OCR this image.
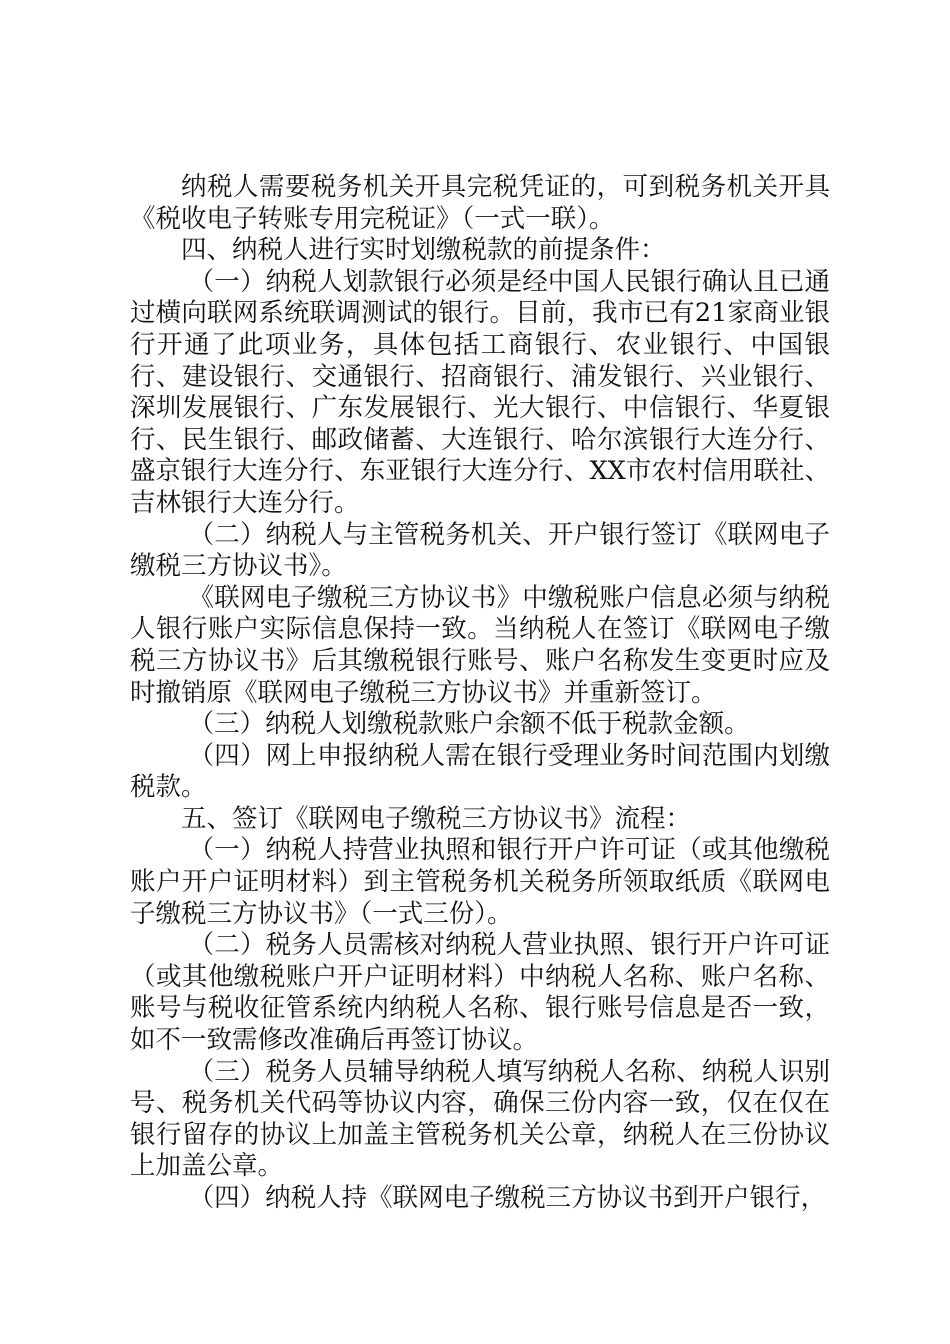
纳税人需要税务机关开具完税凭证的，可到税务机关开具《税收电子转账专用完税证》（一式一联）。

四、纳税人进行实时划缴税款的前提条件：

（一）纳税人划款银行必须是经中国人民银行确认且已通过横向联网系统联调测试的银行。目前，我市已有21家商业银行开通了此项业务，具体包括工商银行、农业银行、中国银行、建设银行、交通银行、招商银行、浦发银行、兴业银行、深圳发展银行、广东发展银行、光大银行、中信银行、华夏银行、民生银行、邮政储蓄、大连银行、哈尔滨银行大连分行、盛京银行大连分行、东亚银行大连分行、XX市农村信用联社、吉林银行大连分行。

（二）纳税人与主管税务机关、开户银行签订《联网电子缴税三方协议书》。

《联网电子缴税三方协议书》中缴税账户信息必须与纳税人银行账户实际信息保持一致。当纳税人在签订《联网电子缴税三方协议书》后其缴税银行账号、账户名称发生变更时应及时撤销原《联网电子缴税三方协议书》并重新签订。

（三）纳税人划缴税款账户余额不低于税款金额。

（四）网上申报纳税人需在银行受理业务时间范围内划缴税款。

五、签订《联网电子缴税三方协议书》流程：

（一）纳税人持营业执照和银行开户许可证（或其他缴税账户开户证明材料）到主管税务机关税务所领取纸质《联网电子缴税三方协议书》（一式三份）。

（二）税务人员需核对纳税人营业执照、银行开户许可证（或其他缴税账户开户证明材料）中纳税人名称、账户名称、账号与税收征管系统内纳税人名称、银行账号信息是否一致，如不一致需修改准确后再签订协议。

（三）税务人员辅导纳税人填写纳税人名称、纳税人识别号、税务机关代码等协议内容，确保三份内容一致，仅在仅在银行留存的协议上加盖主管税务机关公章，纳税人在三份协议上加盖公章。

（四）纳税人持《联网电子缴税三方协议书到开户银行，
